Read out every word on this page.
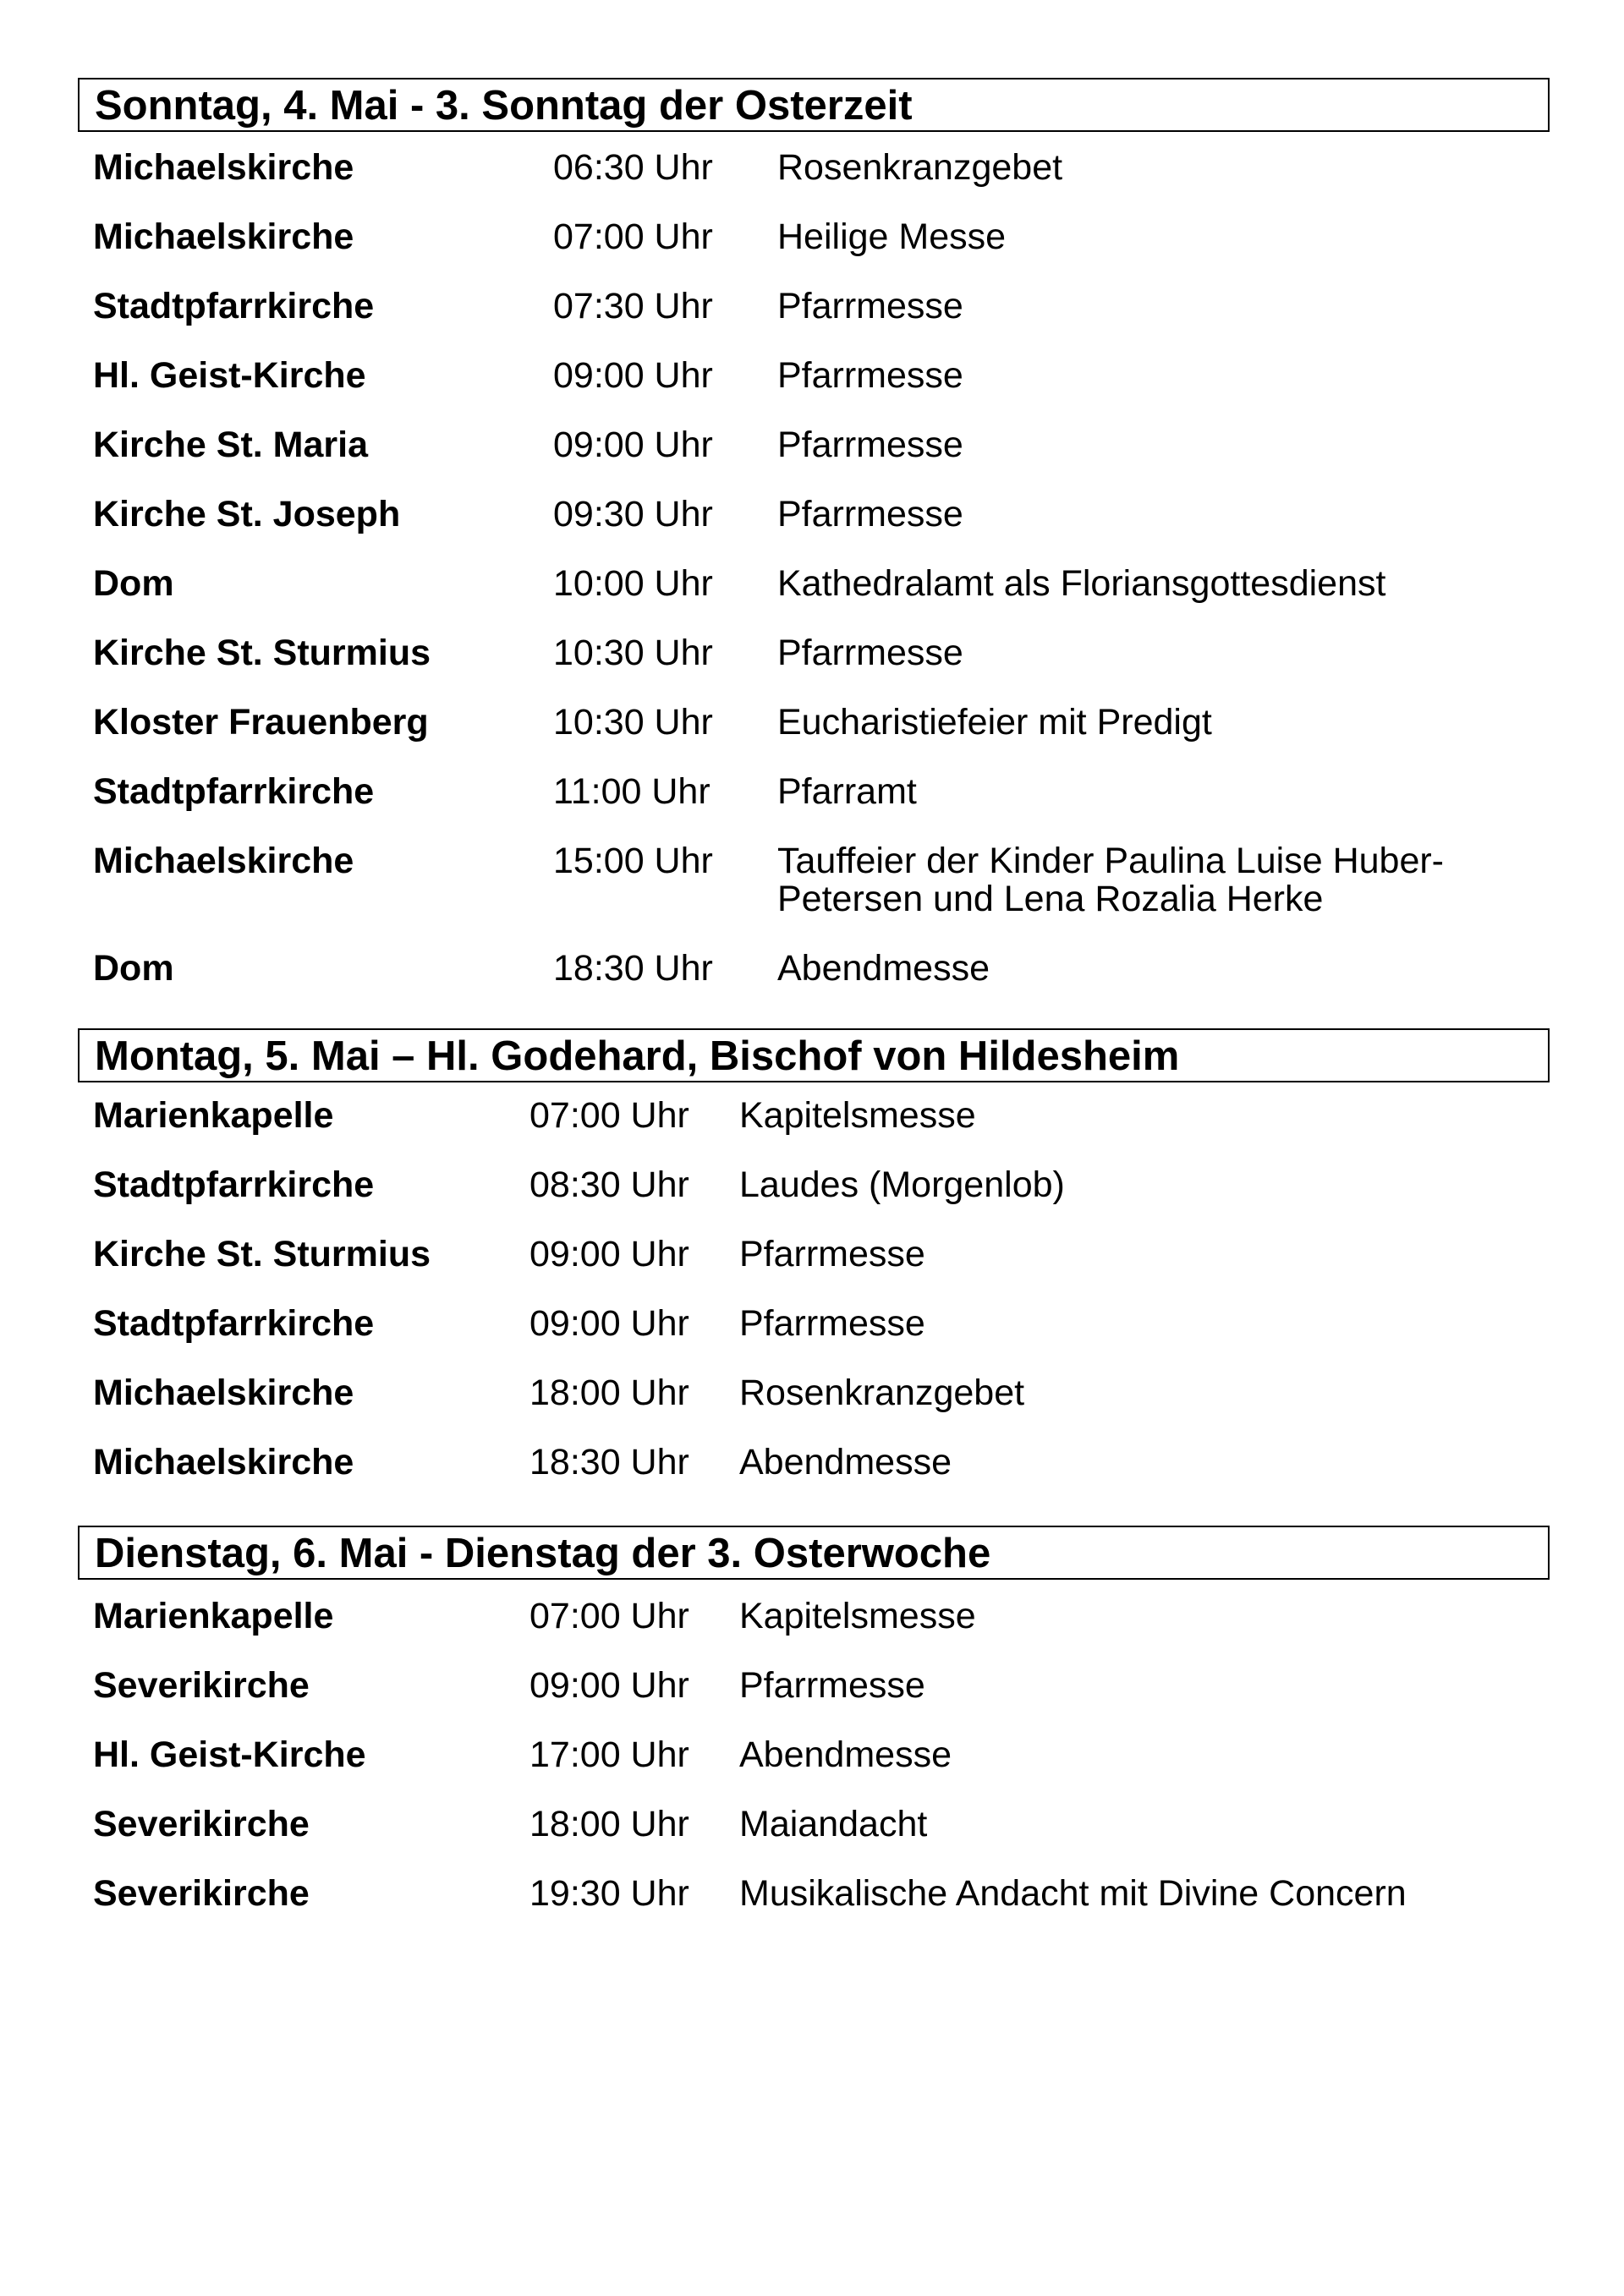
Sonntag, 4. Mai - 3. Sonntag der Osterzeit
Michaelskirche	06:30 Uhr Rosenkranzgebet
Michaelskirche	07:00 Uhr Heilige Messe
Stadtpfarrkirche	07:30 Uhr Pfarrmesse
Hl. Geist-Kirche	09:00 Uhr Pfarrmesse
Kirche St. Maria	09:00 Uhr Pfarrmesse
Kirche St. Joseph	09:30 Uhr Pfarrmesse
Dom	10:00 Uhr Kathedralamt als Floriansgottesdienst
Kirche St. Sturmius	10:30 Uhr Pfarrmesse
Kloster Frauenberg	10:30 Uhr Eucharistiefeier mit Predigt
Stadtpfarrkirche	11:00 Uhr Pfarramt
Michaelskirche	15:00 Uhr Tauffeier der Kinder Paulina Luise Huber-
Petersen und Lena Rozalia Herke
Dom	18:30 Uhr Abendmesse
Montag, 5. Mai – Hl. Godehard, Bischof von Hildesheim
Marienkapelle	07:00 Uhr Kapitelsmesse
Stadtpfarrkirche	08:30 Uhr Laudes (Morgenlob)
Kirche St. Sturmius	09:00 Uhr Pfarrmesse
Stadtpfarrkirche	09:00 Uhr Pfarrmesse
Michaelskirche	18:00 Uhr Rosenkranzgebet
Michaelskirche	18:30 Uhr Abendmesse
Dienstag, 6. Mai - Dienstag der 3. Osterwoche
Marienkapelle	07:00 Uhr Kapitelsmesse
Severikirche	09:00 Uhr Pfarrmesse
Hl. Geist-Kirche	17:00 Uhr Abendmesse
Severikirche	18:00 Uhr Maiandacht
Severikirche	19:30 Uhr Musikalische Andacht mit Divine Concern
